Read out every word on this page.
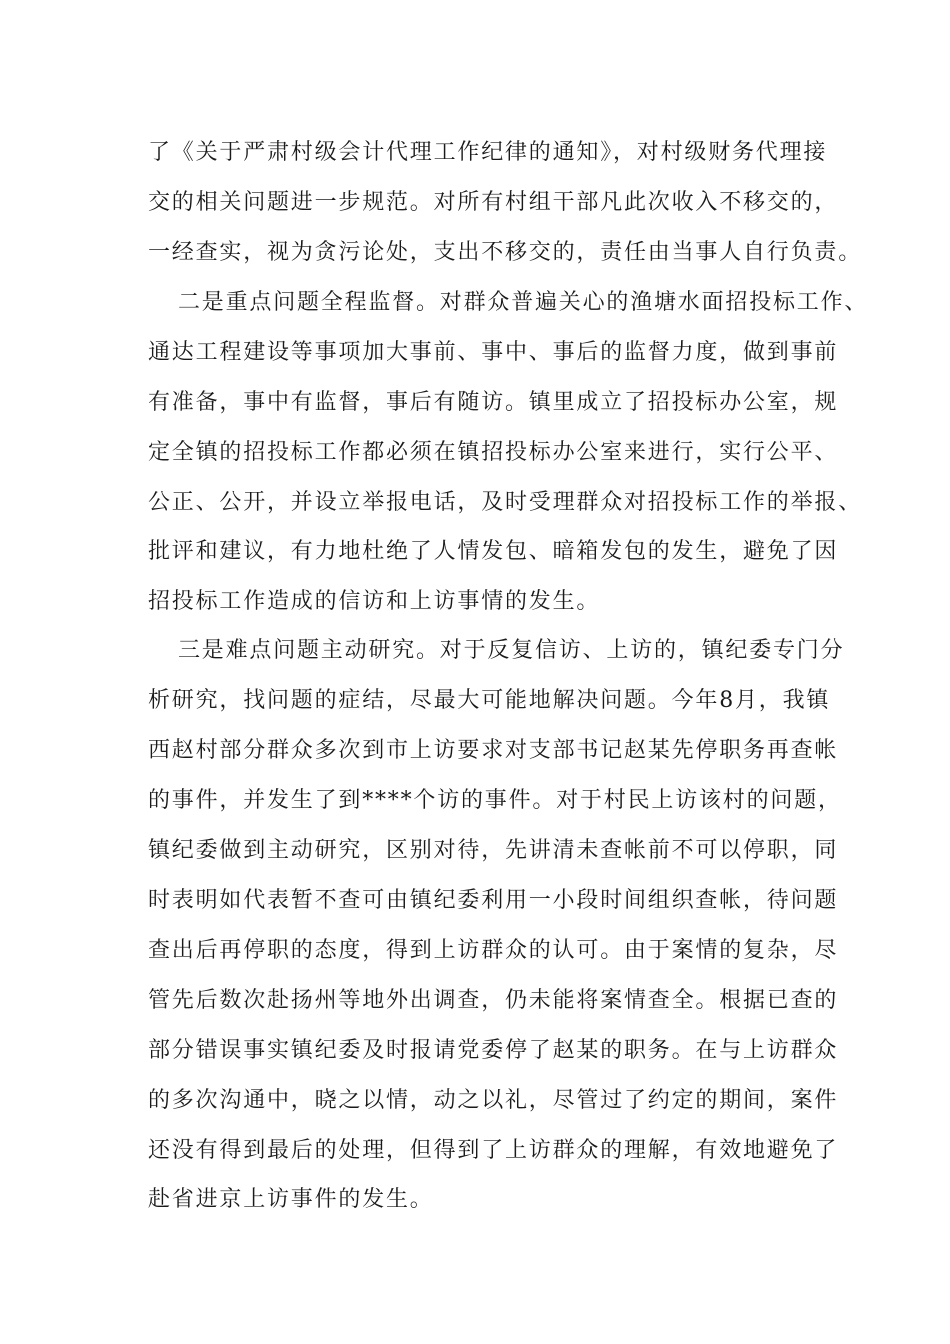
了《关于严肃村级会计代理工作纪律的通知》，对村级财务代理接
交的相关问题进一步规范。对所有村组干部凡此次收入不移交的，
一经查实，视为贪污论处，支出不移交的，责任由当事人自行负责。
二是重点问题全程监督。对群众普遍关心的渔塘水面招投标工作、
通达工程建设等事项加大事前、事中、事后的监督力度，做到事前
有准备，事中有监督，事后有随访。镇里成立了招投标办公室，规
定全镇的招投标工作都必须在镇招投标办公室来进行，实行公平、
公正、公开，并设立举报电话，及时受理群众对招投标工作的举报、
批评和建议，有力地杜绝了人情发包、暗箱发包的发生，避免了因
招投标工作造成的信访和上访事情的发生。
三是难点问题主动研究。对于反复信访、上访的，镇纪委专门分
析研究，找问题的症结，尽最大可能地解决问题。今年8月，我镇
西赵村部分群众多次到市上访要求对支部书记赵某先停职务再查帐
的事件，并发生了到****个访的事件。对于村民上访该村的问题，
镇纪委做到主动研究，区别对待，先讲清未查帐前不可以停职，同
时表明如代表暂不查可由镇纪委利用一小段时间组织查帐，待问题
查出后再停职的态度，得到上访群众的认可。由于案情的复杂，尽
管先后数次赴扬州等地外出调查，仍未能将案情查全。根据已查的
部分错误事实镇纪委及时报请党委停了赵某的职务。在与上访群众
的多次沟通中，晓之以情，动之以礼，尽管过了约定的期间，案件
还没有得到最后的处理，但得到了上访群众的理解，有效地避免了
赴省进京上访事件的发生。
